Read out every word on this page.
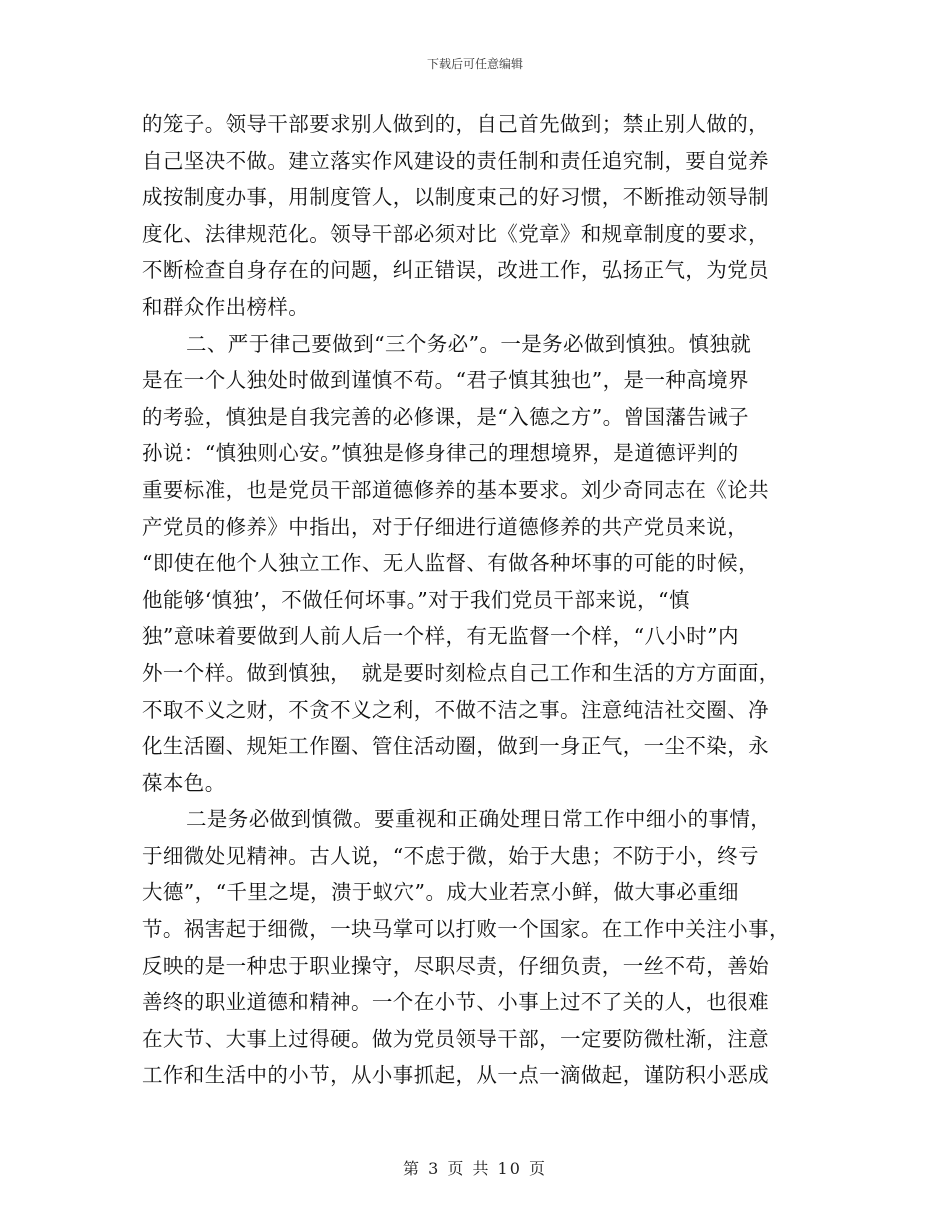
下载后可任意编辑
的笼子。领导干部要求别人做到的，自己首先做到；禁止别人做的，
自己坚决不做。建立落实作风建设的责任制和责任追究制，要自觉养
成按制度办事，用制度管人，以制度束己的好习惯，不断推动领导制
度化、法律规范化。领导干部必须对比《党章》和规章制度的要求，
不断检查自身存在的问题，纠正错误，改进工作，弘扬正气，为党员
和群众作出榜样。
二、严于律己要做到“三个务必”。一是务必做到慎独。慎独就
是在一个人独处时做到谨慎不苟。“君子慎其独也”，是一种高境界
的考验，慎独是自我完善的必修课，是“入德之方”。曾国藩告诫子
孙说：“慎独则心安。”慎独是修身律己的理想境界，是道德评判的
重要标准，也是党员干部道德修养的基本要求。刘少奇同志在《论共
产党员的修养》中指出，对于仔细进行道德修养的共产党员来说，
“即使在他个人独立工作、无人监督、有做各种坏事的可能的时候，
他能够‘慎独’，不做任何坏事。”对于我们党员干部来说，“慎
独”意味着要做到人前人后一个样，有无监督一个样，“八小时”内
外一个样。做到慎独，　就是要时刻检点自己工作和生活的方方面面，
不取不义之财，不贪不义之利，不做不洁之事。注意纯洁社交圈、净
化生活圈、规矩工作圈、管住活动圈，做到一身正气，一尘不染，永
葆本色。
二是务必做到慎微。要重视和正确处理日常工作中细小的事情，
于细微处见精神。古人说，“不虑于微，始于大患；不防于小，终亏
大德”，“千里之堤，溃于蚁穴”。成大业若烹小鲜，做大事必重细
节。祸害起于细微，一块马掌可以打败一个国家。在工作中关注小事，
反映的是一种忠于职业操守，尽职尽责，仔细负责，一丝不苟，善始
善终的职业道德和精神。一个在小节、小事上过不了关的人，也很难
在大节、大事上过得硬。做为党员领导干部，一定要防微杜渐，注意
工作和生活中的小节，从小事抓起，从一点一滴做起，谨防积小恶成
第 3 页 共 10 页
